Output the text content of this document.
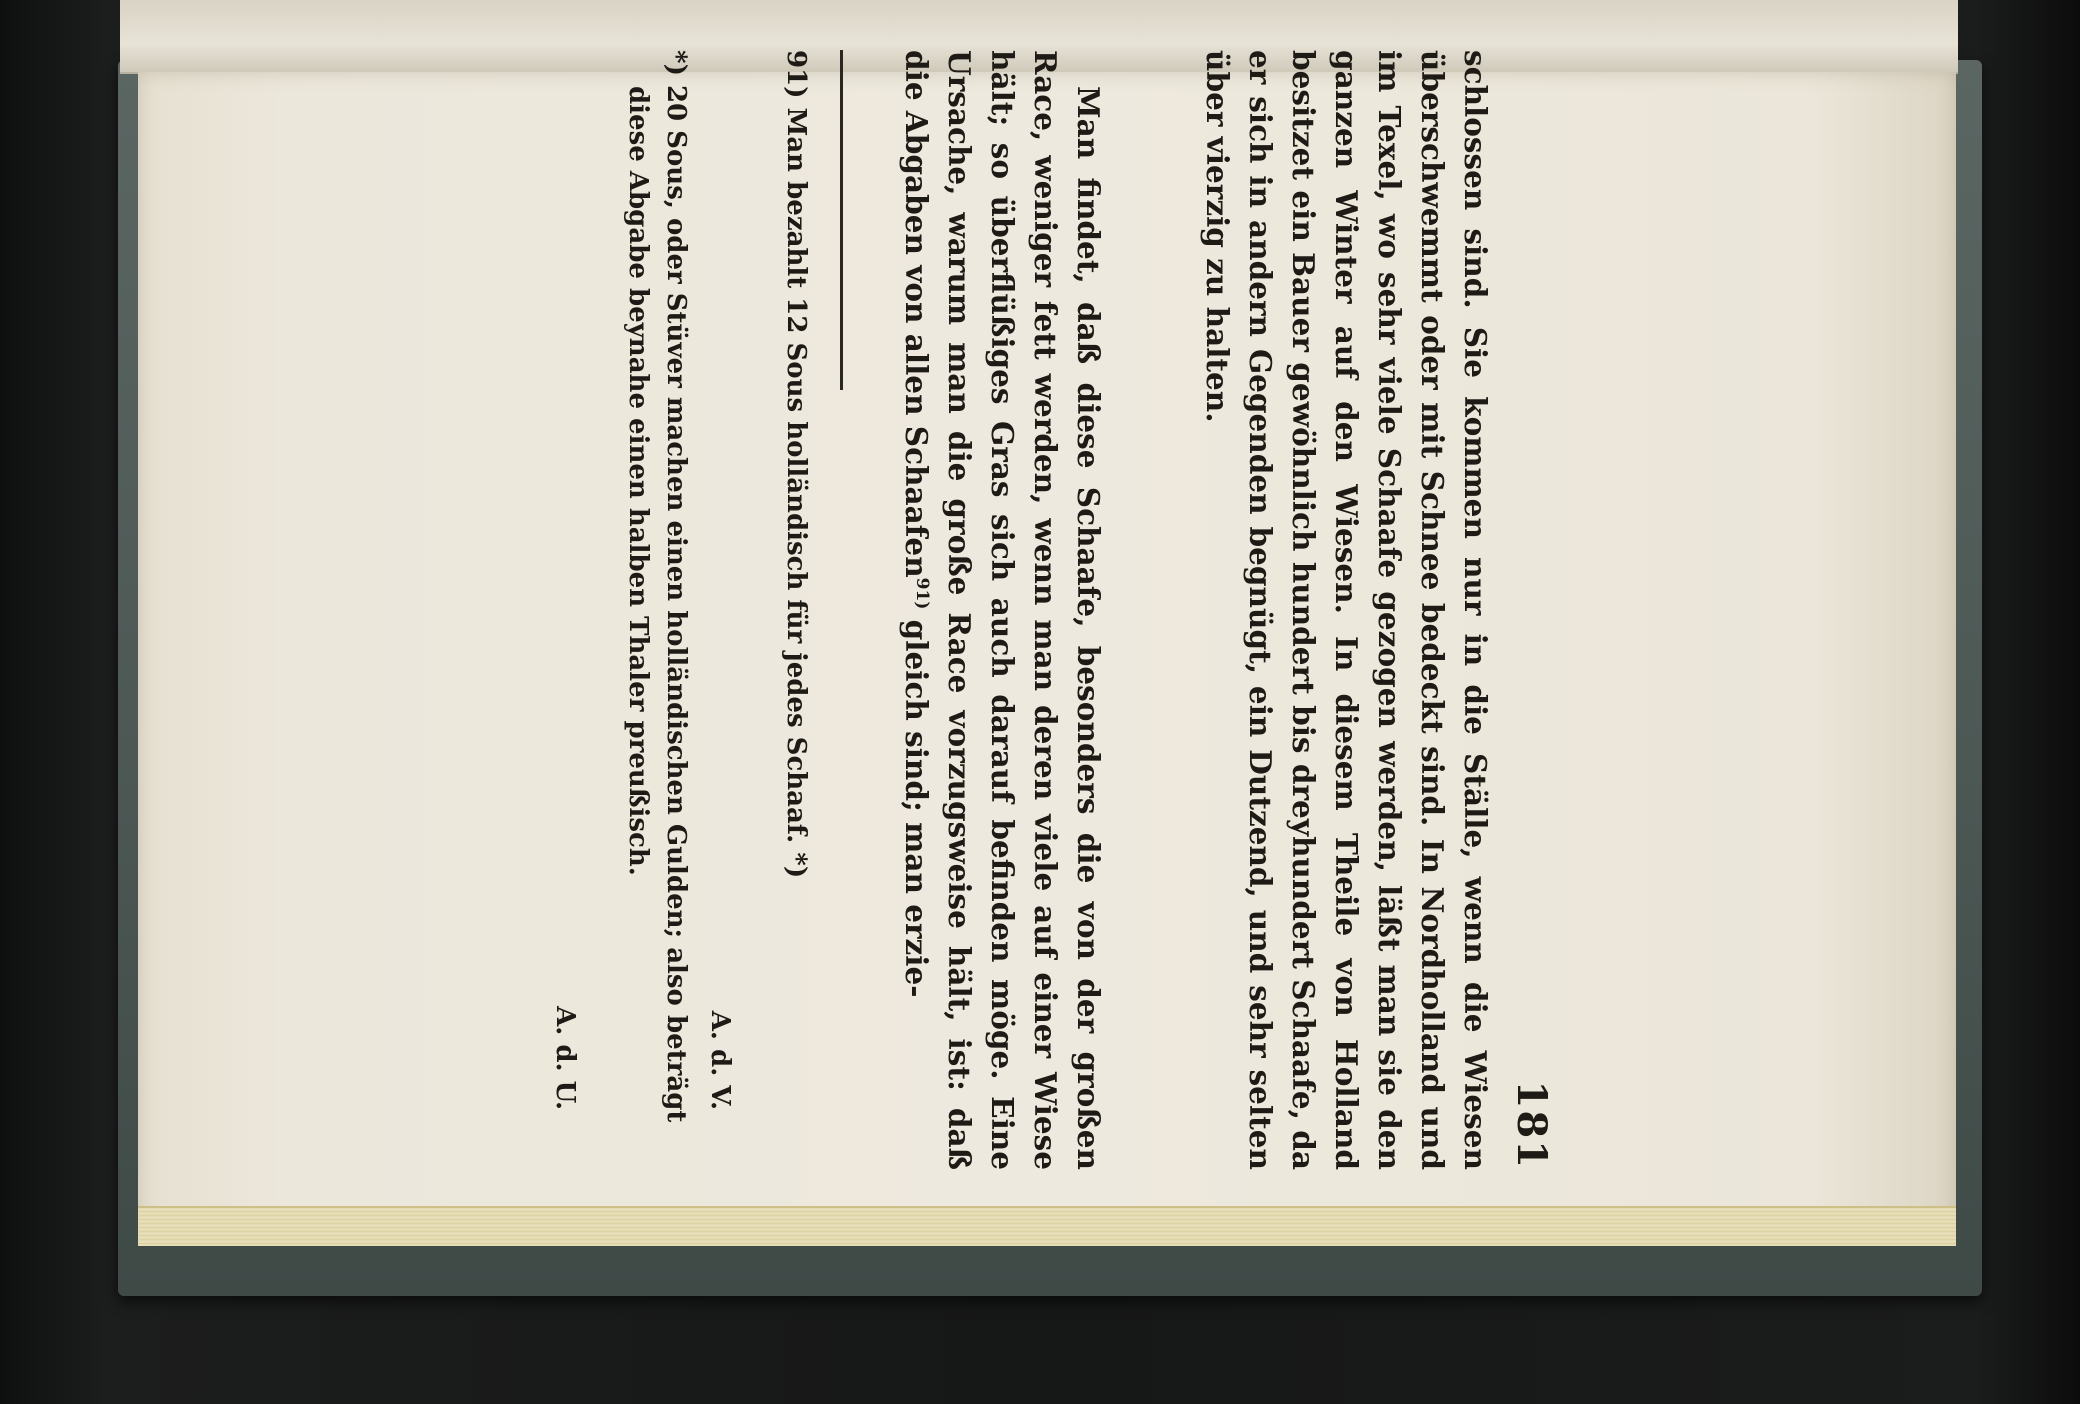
181

schlossen sind. Sie kommen nur in die Ställe, wenn die Wiesen überschwemmt oder mit Schnee bedeckt sind. In Nordholland und im Texel, wo sehr viele Schaafe gezogen werden, läßt man sie den ganzen Winter auf den Wiesen. In diesem Theile von Holland besitzet ein Bauer gewöhnlich hundert bis dreyhundert Schaafe, da er sich in andern Gegenden begnügt, ein Dutzend, und sehr selten über vierzig zu halten.

Man findet, daß diese Schaafe, besonders die von der großen Race, weniger fett werden, wenn man deren viele auf einer Wiese hält; so überflüßiges Gras sich auch darauf befinden möge. Eine Ursache, warum man die große Race vorzugsweise hält, ist: daß die Abgaben von allen Schaafen$^{91)}$ gleich sind; man erzie-

91) Man bezahlt 12 Sous holländisch für jedes Schaaf. *)

A. d. V.

*) 20 Sous, oder Stüver machen einen holländischen Gulden; also beträgt diese Abgabe beynahe einen halben Thaler preußisch.

A. d. U.
